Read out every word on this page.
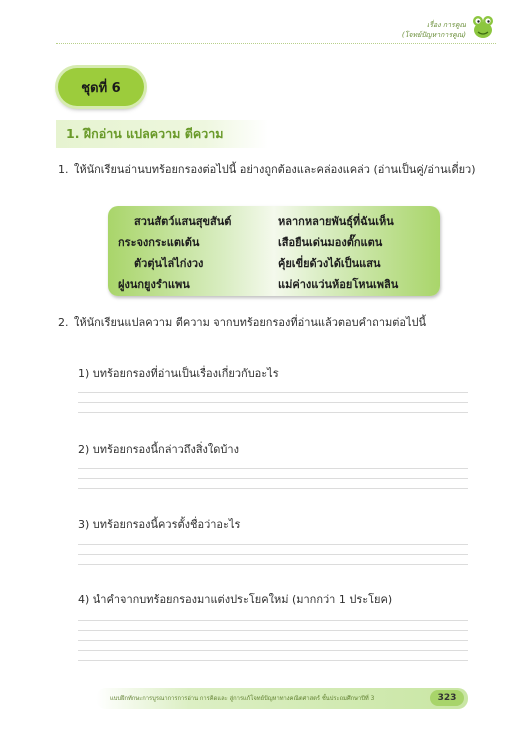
เรื่อง การคูณ
(โจทย์ปัญหาการคูณ)
ชุดที่ 6
1. ฝึกอ่าน แปลความ ตีความ
1. ให้นักเรียนอ่านบทร้อยกรองต่อไปนี้ อย่างถูกต้องและคล่องแคล่ว (อ่านเป็นคู่/อ่านเดี่ยว)
สวนสัตว์แสนสุขสันต์
กระจงกระแตเต้น
ตัวตุ่นไล่ไก่งวง
ฝูงนกยูงรำแพน
หลากหลายพันธุ์ที่ฉันเห็น
เสือยืนเด่นมองตั๊กแตน
คุ้ยเขี่ยด้วงได้เป็นแสน
แม่ค่างแว่นห้อยโหนเพลิน
2. ให้นักเรียนแปลความ ตีความ จากบทร้อยกรองที่อ่านแล้วตอบคำถามต่อไปนี้
1) บทร้อยกรองที่อ่านเป็นเรื่องเกี่ยวกับอะไร
2) บทร้อยกรองนี้กล่าวถึงสิ่งใดบ้าง
3) บทร้อยกรองนี้ควรตั้งชื่อว่าอะไร
4) นำคำจากบทร้อยกรองมาแต่งประโยคใหม่ (มากกว่า 1 ประโยค)
แบบฝึกทักษะการบูรณาการการอ่าน การคิดและ สู่การแก้โจทย์ปัญหาทางคณิตศาสตร์ ชั้นประถมศึกษาปีที่ 3	323
